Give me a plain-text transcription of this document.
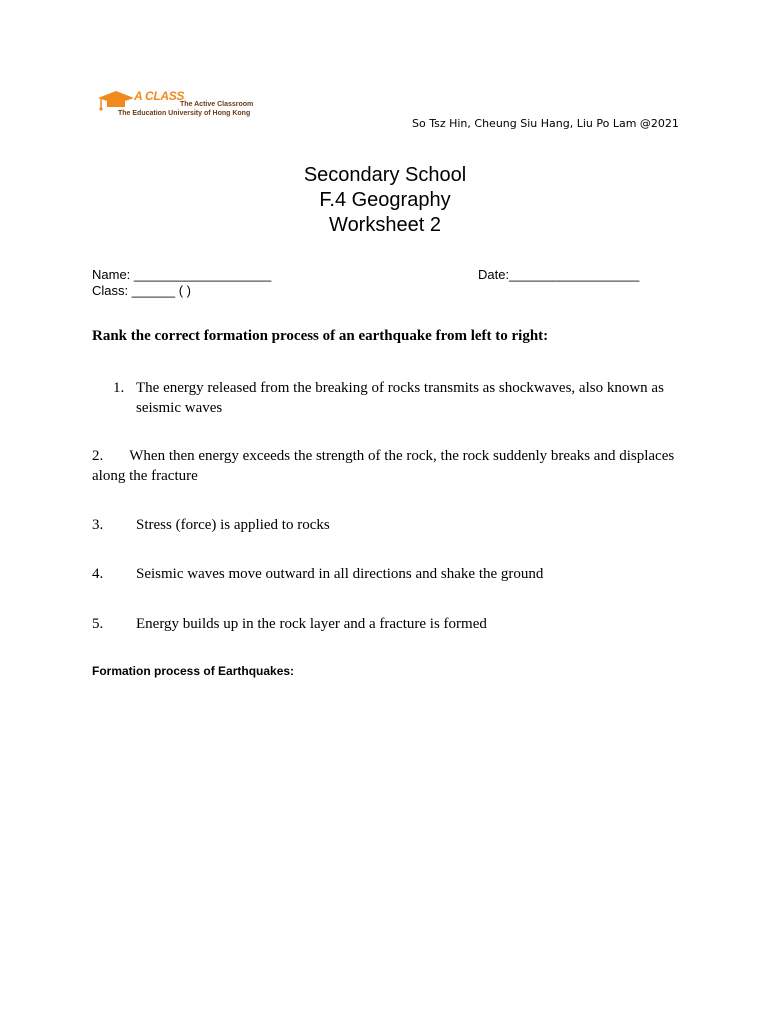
A CLASS
The Active Classroom
The Education University of Hong Kong
So Tsz Hin, Cheung Siu Hang, Liu Po Lam @2021
Secondary School
F.4 Geography
Worksheet 2
Name: ___________________	Date:__________________
Class: ______ ( )
Rank the correct formation process of an earthquake from left to right:
1. The energy released from the breaking of rocks transmits as shockwaves, also known as seismic waves
2. When then energy exceeds the strength of the rock, the rock suddenly breaks and displaces along the fracture
3.	Stress (force) is applied to rocks
4.	Seismic waves move outward in all directions and shake the ground
5.	Energy builds up in the rock layer and a fracture is formed
Formation process of Earthquakes:
